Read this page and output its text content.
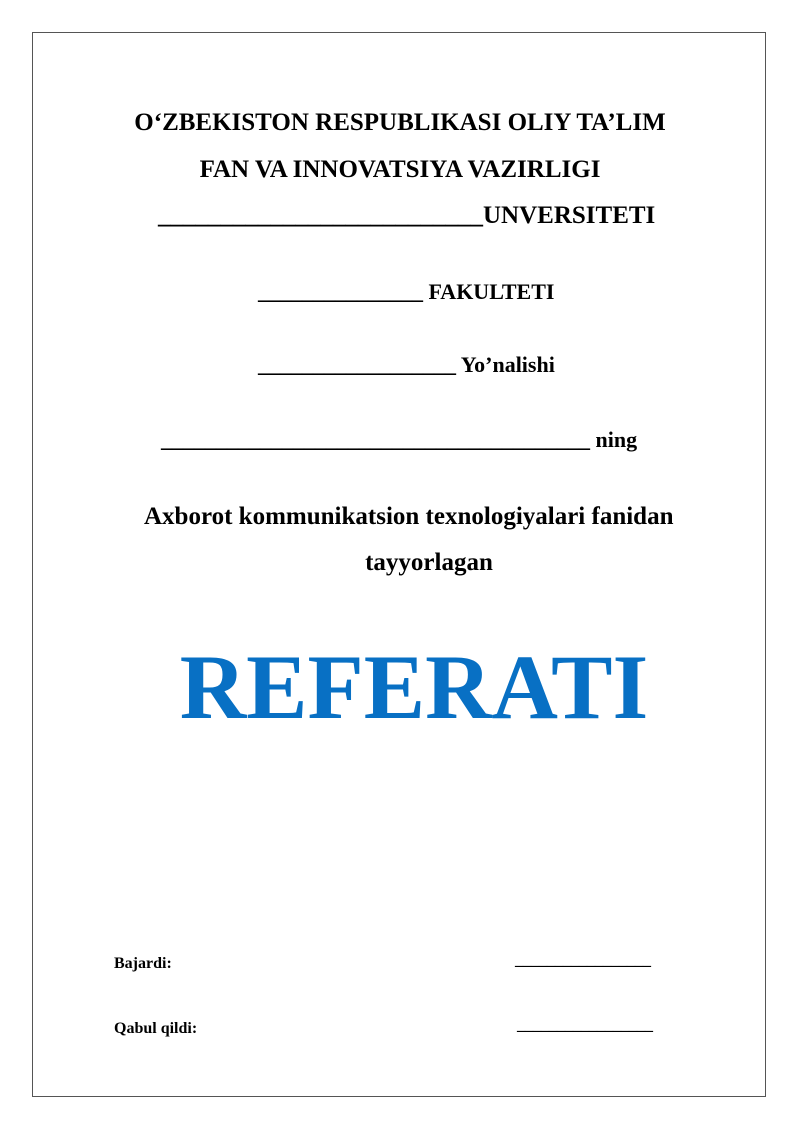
O‘ZBEKISTON RESPUBLIKASI OLIY TA’LIM
FAN VA INNOVATSIYA VAZIRLIGI
__________________________UNVERSITETI
_______________ FAKULTETI
__________________ Yo’nalishi
_______________________________________ ning
Axborot kommunikatsion texnologiyalari fanidan
tayyorlagan
REFERATI
Bajardi:	_________________
Qabul qildi:	_________________
